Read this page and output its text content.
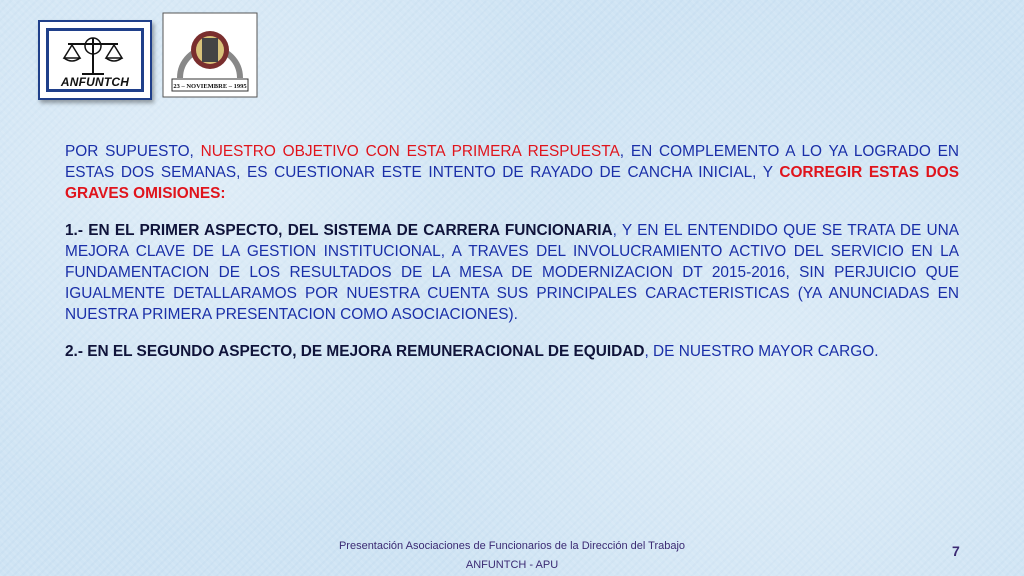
ANFUNTCH	23 – NOVIEMBRE – 1995

POR SUPUESTO, NUESTRO OBJETIVO CON ESTA PRIMERA RESPUESTA, EN COMPLEMENTO A LO YA LOGRADO EN ESTAS DOS SEMANAS, ES CUESTIONAR ESTE INTENTO DE RAYADO DE CANCHA INICIAL, Y CORREGIR ESTAS DOS GRAVES OMISIONES:

1.- EN EL PRIMER ASPECTO, DEL SISTEMA DE CARRERA FUNCIONARIA, Y EN EL ENTENDIDO QUE SE TRATA DE UNA MEJORA CLAVE DE LA GESTION INSTITUCIONAL, A TRAVES DEL INVOLUCRAMIENTO ACTIVO DEL SERVICIO EN LA FUNDAMENTACION DE LOS RESULTADOS DE LA MESA DE MODERNIZACION DT 2015-2016, SIN PERJUICIO QUE IGUALMENTE DETALLARAMOS POR NUESTRA CUENTA SUS PRINCIPALES CARACTERISTICAS (YA ANUNCIADAS EN NUESTRA PRIMERA PRESENTACION COMO ASOCIACIONES).

2.- EN EL SEGUNDO ASPECTO, DE MEJORA REMUNERACIONAL DE EQUIDAD, DE NUESTRO MAYOR CARGO.

Presentación Asociaciones de Funcionarios de la Dirección del Trabajo
ANFUNTCH - APU
7
